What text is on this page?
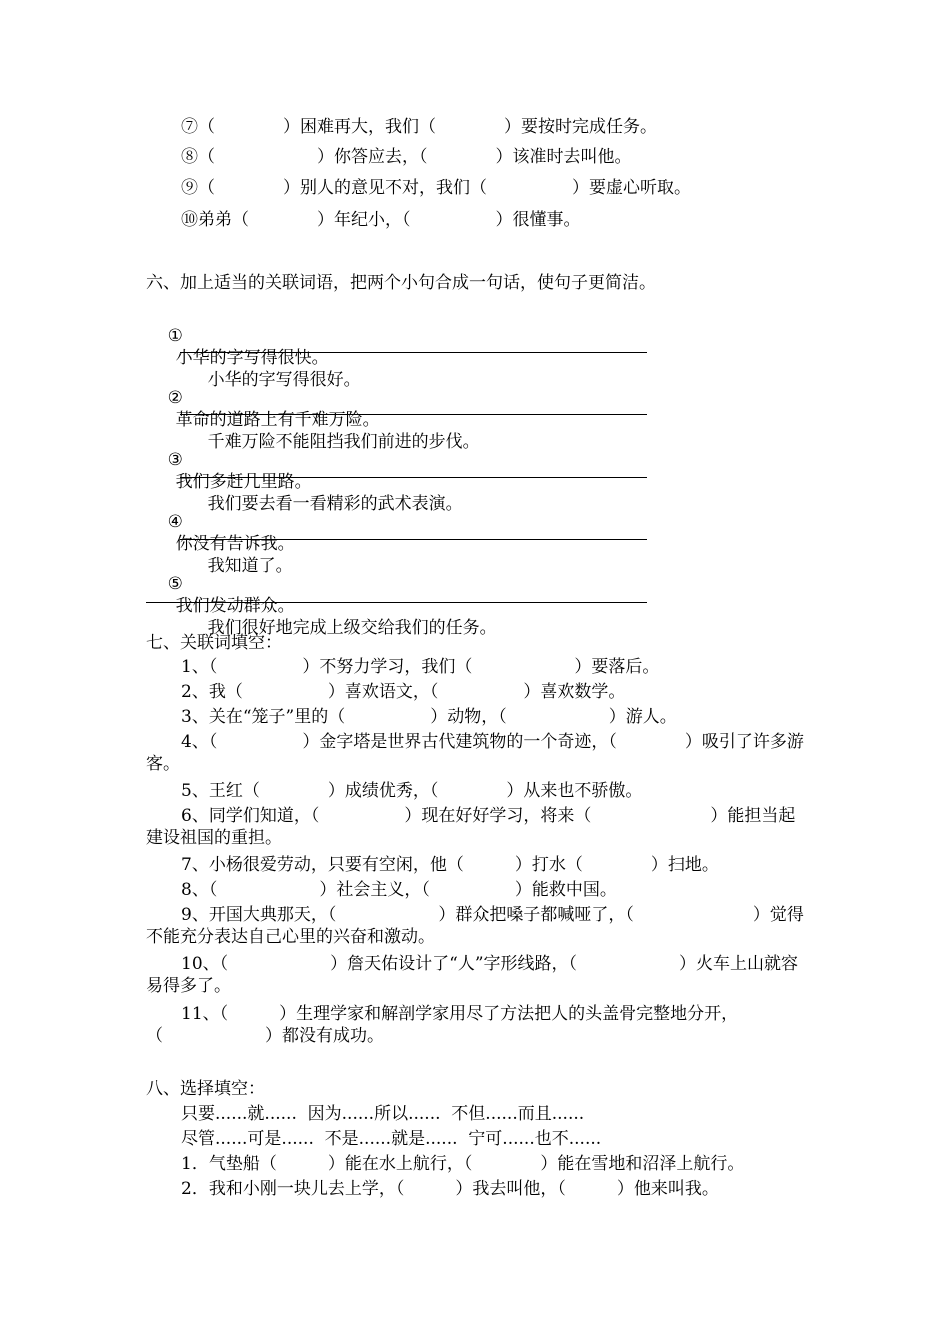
⑦（　　　　）困难再大，我们（　　　　）要按时完成任务。
⑧（　　　　　　）你答应去，（　　　　）该准时去叫他。
⑨（　　　　）别人的意见不对，我们（　　　　　）要虚心听取。
⑩弟弟（　　　　）年纪小，（　　　　　）很懂事。
六、加上适当的关联词语，把两个小句合成一句话，使句子更简洁。

①
小华的字写得很快。
小华的字写得很好。

②
革命的道路上有千难万险。
千难万险不能阻挡我们前进的步伐。

③
我们多赶几里路。
我们要去看一看精彩的武术表演。

④
你没有告诉我。
我知道了。

⑤
我们发动群众。
我们很好地完成上级交给我们的任务。

七、关联词填空：
1、（　　　　　）不努力学习，我们（　　　　　　）要落后。
2、我（　　　　　）喜欢语文，（　　　　　）喜欢数学。
3、关在“笼子”里的（　　　　　）动物，（　　　　　　）游人。
4、（　　　　　）金字塔是世界古代建筑物的一个奇迹，（　　　　）吸引了许多游客。
5、王红（　　　　）成绩优秀，（　　　　）从来也不骄傲。
6、同学们知道，（　　　　　）现在好好学习，将来（　　　　　　　）能担当起建设祖国的重担。
7、小杨很爱劳动，只要有空闲，他（　　　）打水（　　　　）扫地。
8、（　　　　　　）社会主义，（　　　　　）能救中国。
9、开国大典那天，（　　　　　　）群众把嗓子都喊哑了，（　　　　　　　）觉得不能充分表达自己心里的兴奋和激动。
10、（　　　　　　）詹天佑设计了“人”字形线路，（　　　　　　）火车上山就容易得多了。
11、（　　　）生理学家和解剖学家用尽了方法把人的头盖骨完整地分开，（　　　　　　）都没有成功。
八、选择填空：
只要......就......  因为......所以......  不但......而且......
尽管......可是......  不是......就是......  宁可......也不......
1．气垫船（　　　）能在水上航行，（　　　　）能在雪地和沼泽上航行。
2．我和小刚一块儿去上学，（　　　）我去叫他，（　　　）他来叫我。
